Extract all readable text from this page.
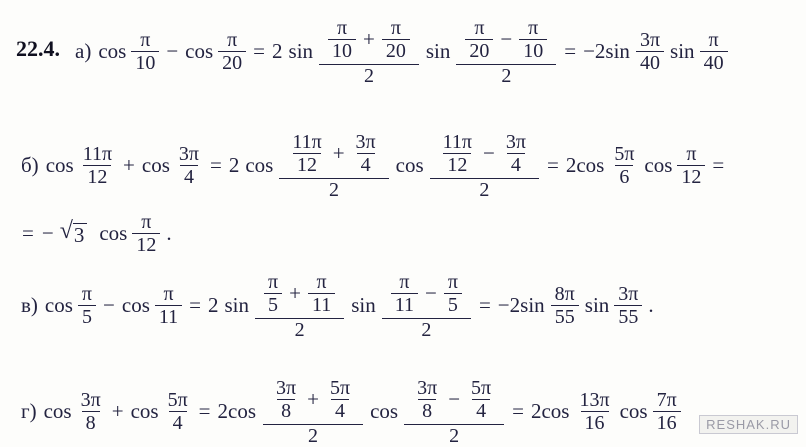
22.4. а) $\cos \frac{\pi}{10} - \cos \frac{\pi}{20} = 2$ $\sin \frac{\pi}{10} + \frac{\pi}{20}$
2
$\sin \frac{\pi}{20} - \frac{\pi}{10}$
2
= $-2\sin \frac{3\pi}{40}$ $\sin \frac{\pi}{40}$
б) $\cos \frac{11\pi}{12} + \cos \frac{3\pi}{4} = 2$ $\cos \frac{11\pi}{12} + \frac{3\pi}{4}$
2
$\cos \frac{11\pi}{12} - \frac{3\pi}{4}$
2
= $2\cos \frac{5\pi}{6}$ $\cos \frac{\pi}{12}$ =
= − √ 3 $\cos \frac{\pi}{12}$ .
в) $\cos \frac{\pi}{5} - \cos \frac{\pi}{11} = 2$ $\sin \frac{\pi}{5} + \frac{\pi}{11}$
2
$\sin \frac{\pi}{11} - \frac{\pi}{5}$
2
= $-2\sin \frac{8\pi}{55}$ $\sin \frac{3\pi}{55}$ .
г) $\cos \frac{3\pi}{8} + \cos \frac{5\pi}{4} = 2\cos \frac{3\pi}{8} + \frac{5\pi}{4}$
2
$\cos \frac{3\pi}{8} - \frac{5\pi}{4}$
2
= $2\cos \frac{13\pi}{16}$ $\cos \frac{7\pi}{16}$	RESHAK.RU
